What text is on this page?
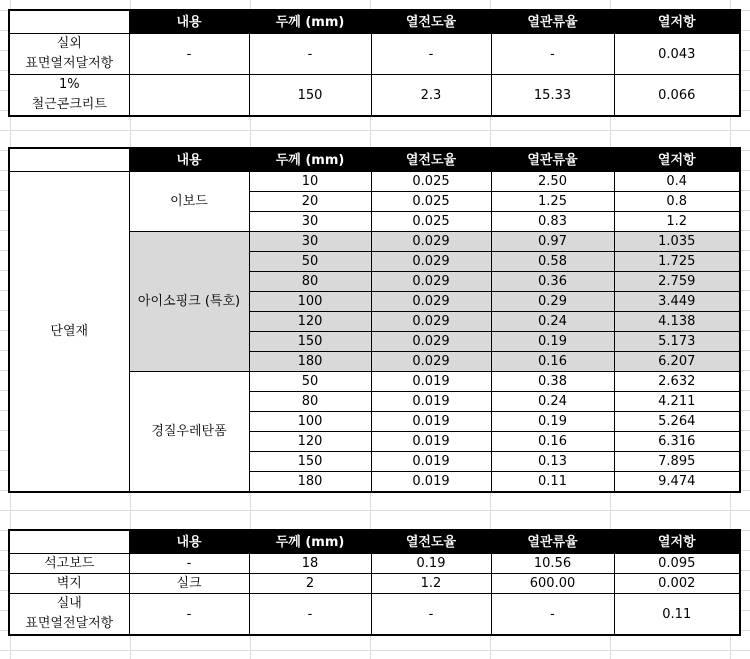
	내용	두께 (mm)	열전도율	열관류율	열저항

실외
표면열저달저항	-	-	-	-	0.043

1%
철근콘크리트		150	2.3	15.33	0.066
	내용	두께 (mm)	열전도율	열관류율	열저항
단열재	이보드	10	0.025	2.50	0.4
		20	0.025	1.25	0.8
		30	0.025	0.83	1.2
	아이소핑크 (특호)	30	0.029	0.97	1.035
		50	0.029	0.58	1.725
		80	0.029	0.36	2.759
		100	0.029	0.29	3.449
		120	0.029	0.24	4.138
		150	0.029	0.19	5.173
		180	0.029	0.16	6.207
	경질우레탄폼	50	0.019	0.38	2.632
		80	0.019	0.24	4.211
		100	0.019	0.19	5.264
		120	0.019	0.16	6.316
		150	0.019	0.13	7.895
		180	0.019	0.11	9.474
	내용	두께 (mm)	열전도율	열관류율	열저항
석고보드	-	18	0.19	10.56	0.095
벽지	실크	2	1.2	600.00	0.002

실내
표면열전달저항	-	-	-	-	0.11
